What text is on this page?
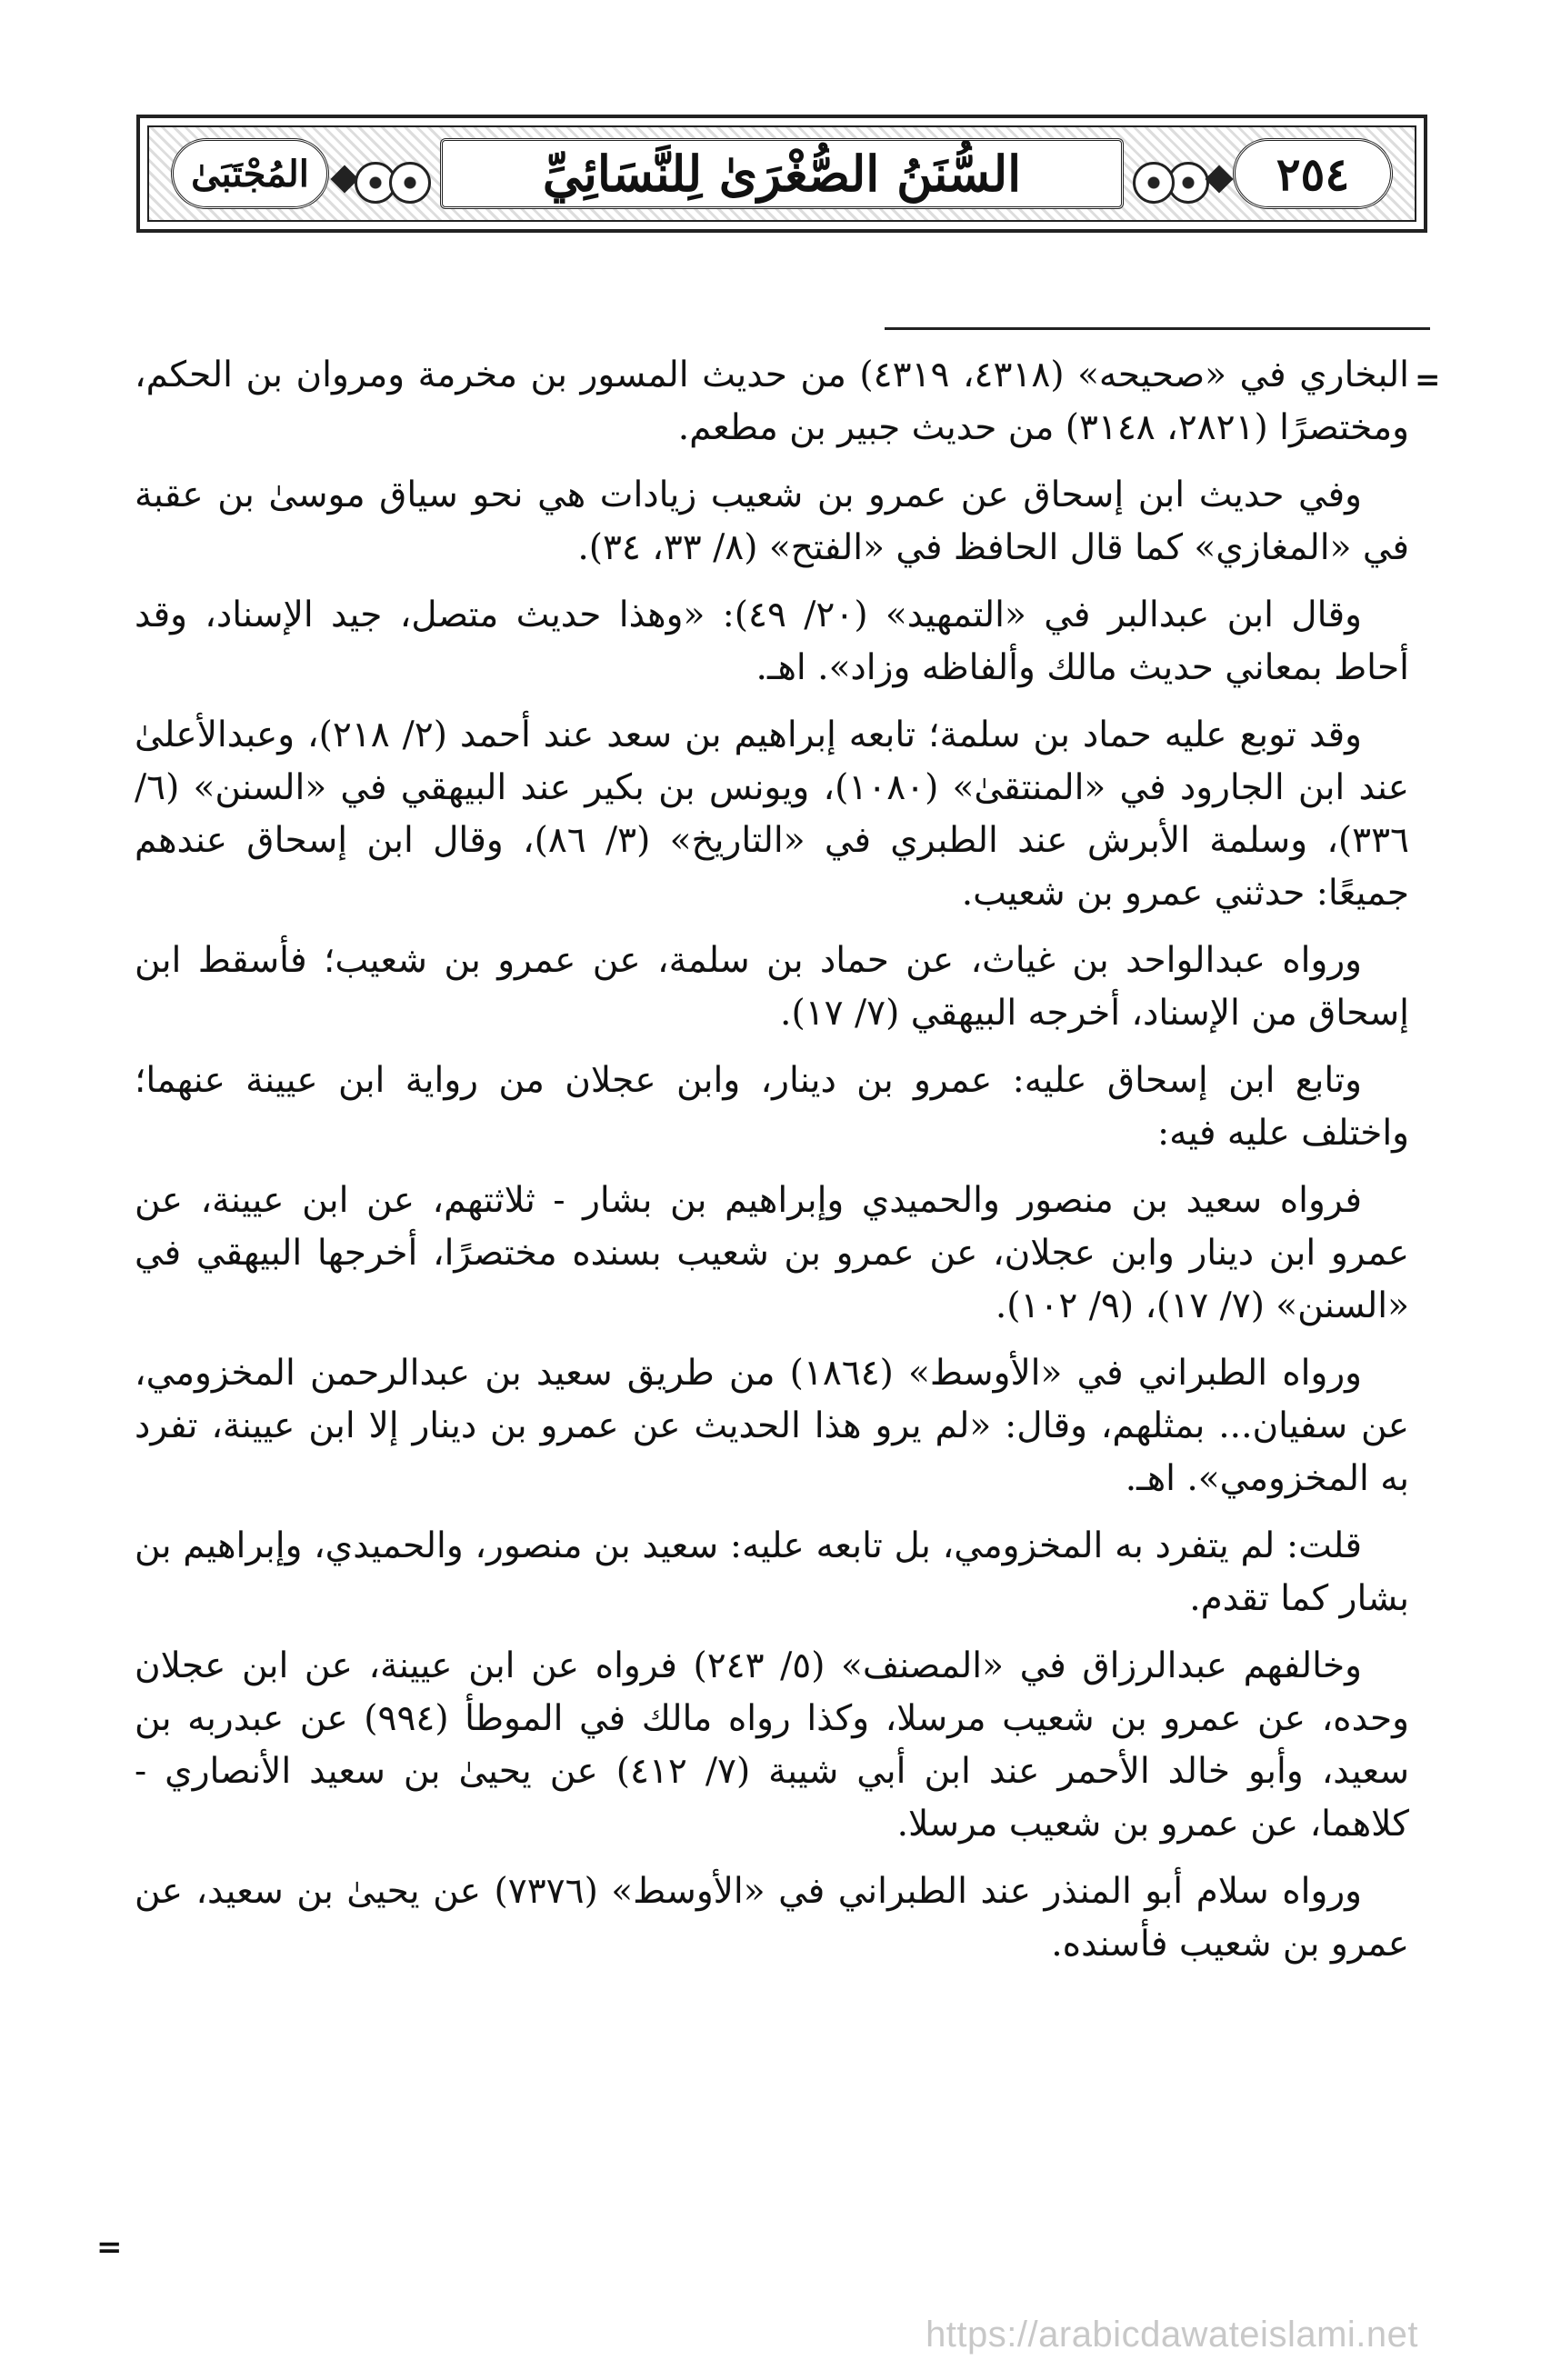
المُجْتَبَىٰ	السُّنَنُ الصُّغْرَىٰ لِلنَّسَائِيِّ	٢٥٤
=

البخاري في «صحيحه» (٤٣١٨، ٤٣١٩) من حديث المسور بن مخرمة ومروان بن الحكم، ومختصرًا (٢٨٢١، ٣١٤٨) من حديث جبير بن مطعم.

وفي حديث ابن إسحاق عن عمرو بن شعيب زيادات هي نحو سياق موسىٰ بن عقبة في «المغازي» كما قال الحافظ في «الفتح» (٨/ ٣٣، ٣٤).

وقال ابن عبدالبر في «التمهيد» (٢٠/ ٤٩): «وهذا حديث متصل، جيد الإسناد، وقد أحاط بمعاني حديث مالك وألفاظه وزاد». اهـ.

وقد توبع عليه حماد بن سلمة؛ تابعه إبراهيم بن سعد عند أحمد (٢/ ٢١٨)، وعبدالأعلىٰ عند ابن الجارود في «المنتقىٰ» (١٠٨٠)، ويونس بن بكير عند البيهقي في «السنن» (٦/ ٣٣٦)، وسلمة الأبرش عند الطبري في «التاريخ» (٣/ ٨٦)، وقال ابن إسحاق عندهم جميعًا: حدثني عمرو بن شعيب.

ورواه عبدالواحد بن غياث، عن حماد بن سلمة، عن عمرو بن شعيب؛ فأسقط ابن إسحاق من الإسناد، أخرجه البيهقي (٧/ ١٧).

وتابع ابن إسحاق عليه: عمرو بن دينار، وابن عجلان من رواية ابن عيينة عنهما؛ واختلف عليه فيه:

فرواه سعيد بن منصور والحميدي وإبراهيم بن بشار - ثلاثتهم، عن ابن عيينة، عن عمرو ابن دينار وابن عجلان، عن عمرو بن شعيب بسنده مختصرًا، أخرجها البيهقي في «السنن» (٧/ ١٧)، (٩/ ١٠٢).

ورواه الطبراني في «الأوسط» (١٨٦٤) من طريق سعيد بن عبدالرحمن المخزومي، عن سفيان... بمثلهم، وقال: «لم يرو هذا الحديث عن عمرو بن دينار إلا ابن عيينة، تفرد به المخزومي». اهـ.

قلت: لم يتفرد به المخزومي، بل تابعه عليه: سعيد بن منصور، والحميدي، وإبراهيم بن بشار كما تقدم.

وخالفهم عبدالرزاق في «المصنف» (٥/ ٢٤٣) فرواه عن ابن عيينة، عن ابن عجلان وحده، عن عمرو بن شعيب مرسلا، وكذا رواه مالك في الموطأ (٩٩٤) عن عبدربه بن سعيد، وأبو خالد الأحمر عند ابن أبي شيبة (٧/ ٤١٢) عن يحيىٰ بن سعيد الأنصاري - كلاهما، عن عمرو بن شعيب مرسلا.

ورواه سلام أبو المنذر عند الطبراني في «الأوسط» (٧٣٧٦) عن يحيىٰ بن سعيد، عن عمرو بن شعيب فأسنده.

=
https://arabicdawateislami.net
